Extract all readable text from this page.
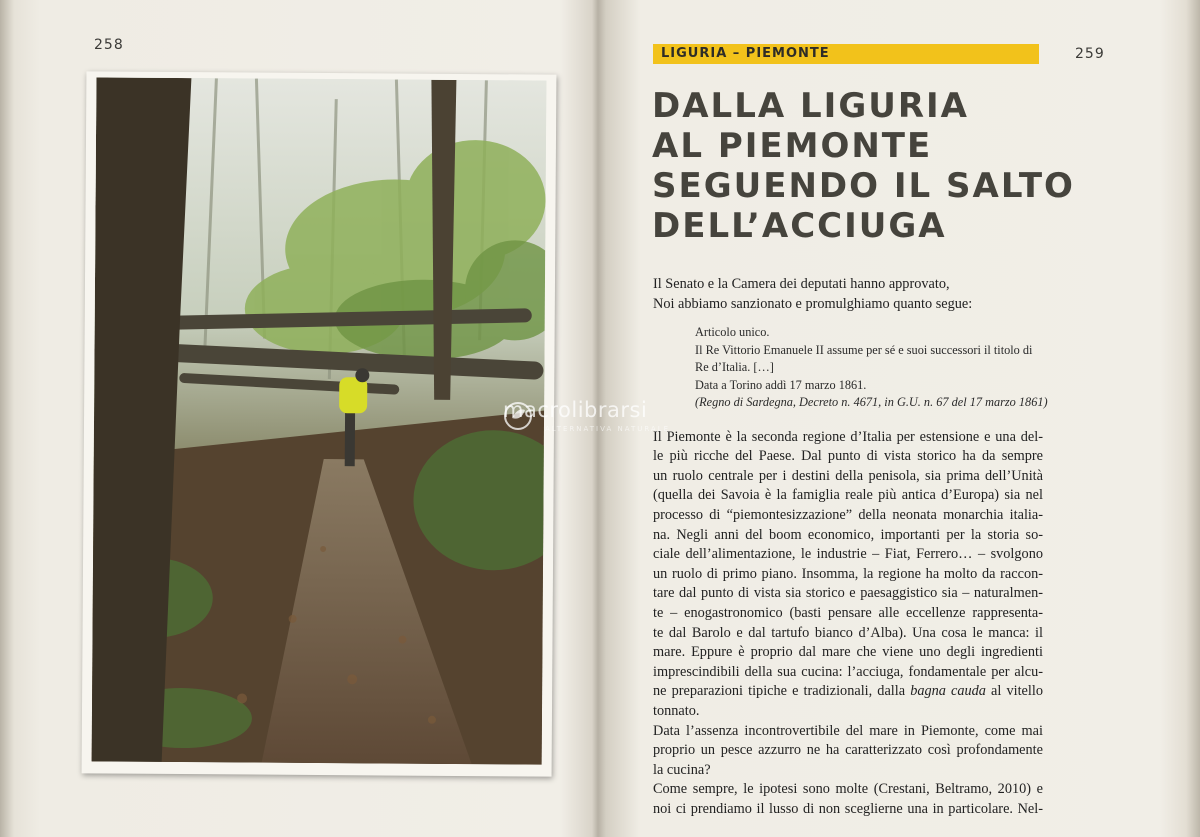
258
259
LIGURIA – PIEMONTE
DALLA LIGURIA
AL PIEMONTE
SEGUENDO IL SALTO
DELL’ACCIUGA
Il Senato e la Camera dei deputati hanno approvato,
Noi abbiamo sanzionato e promulghiamo quanto segue:
Articolo unico.
Il Re Vittorio Emanuele II assume per sé e suoi successori il titolo di
Re d’Italia. […]
Data a Torino addì 17 marzo 1861.
(Regno di Sardegna, Decreto n. 4671, in G.U. n. 67 del 17 marzo 1861)

Il Piemonte è la seconda regione d’Italia per estensione e una del-
le più ricche del Paese. Dal punto di vista storico ha da sempre
un ruolo centrale per i destini della penisola, sia prima dell’Unità
(quella dei Savoia è la famiglia reale più antica d’Europa) sia nel
processo di “piemontesizzazione” della neonata monarchia italia-
na. Negli anni del boom economico, importanti per la storia so-
ciale dell’alimentazione, le industrie – Fiat, Ferrero… – svolgono
un ruolo di primo piano. Insomma, la regione ha molto da raccon-
tare dal punto di vista sia storico e paesaggistico sia – naturalmen-
te – enogastronomico (basti pensare alle eccellenze rappresenta-
te dal Barolo e dal tartufo bianco d’Alba). Una cosa le manca: il
mare. Eppure è proprio dal mare che viene uno degli ingredienti
imprescindibili della sua cucina: l’acciuga, fondamentale per alcu-
ne preparazioni tipiche e tradizionali, dalla bagna cauda al vitello
tonnato.

Data l’assenza incontrovertibile del mare in Piemonte, come mai
proprio un pesce azzurro ne ha caratterizzato così profondamente
la cucina?

Come sempre, le ipotesi sono molte (Crestani, Beltramo, 2010) e
noi ci prendiamo il lusso di non sceglierne una in particolare. Nel-

macrolibrarsi
ALTERNATIVA NATURALE
